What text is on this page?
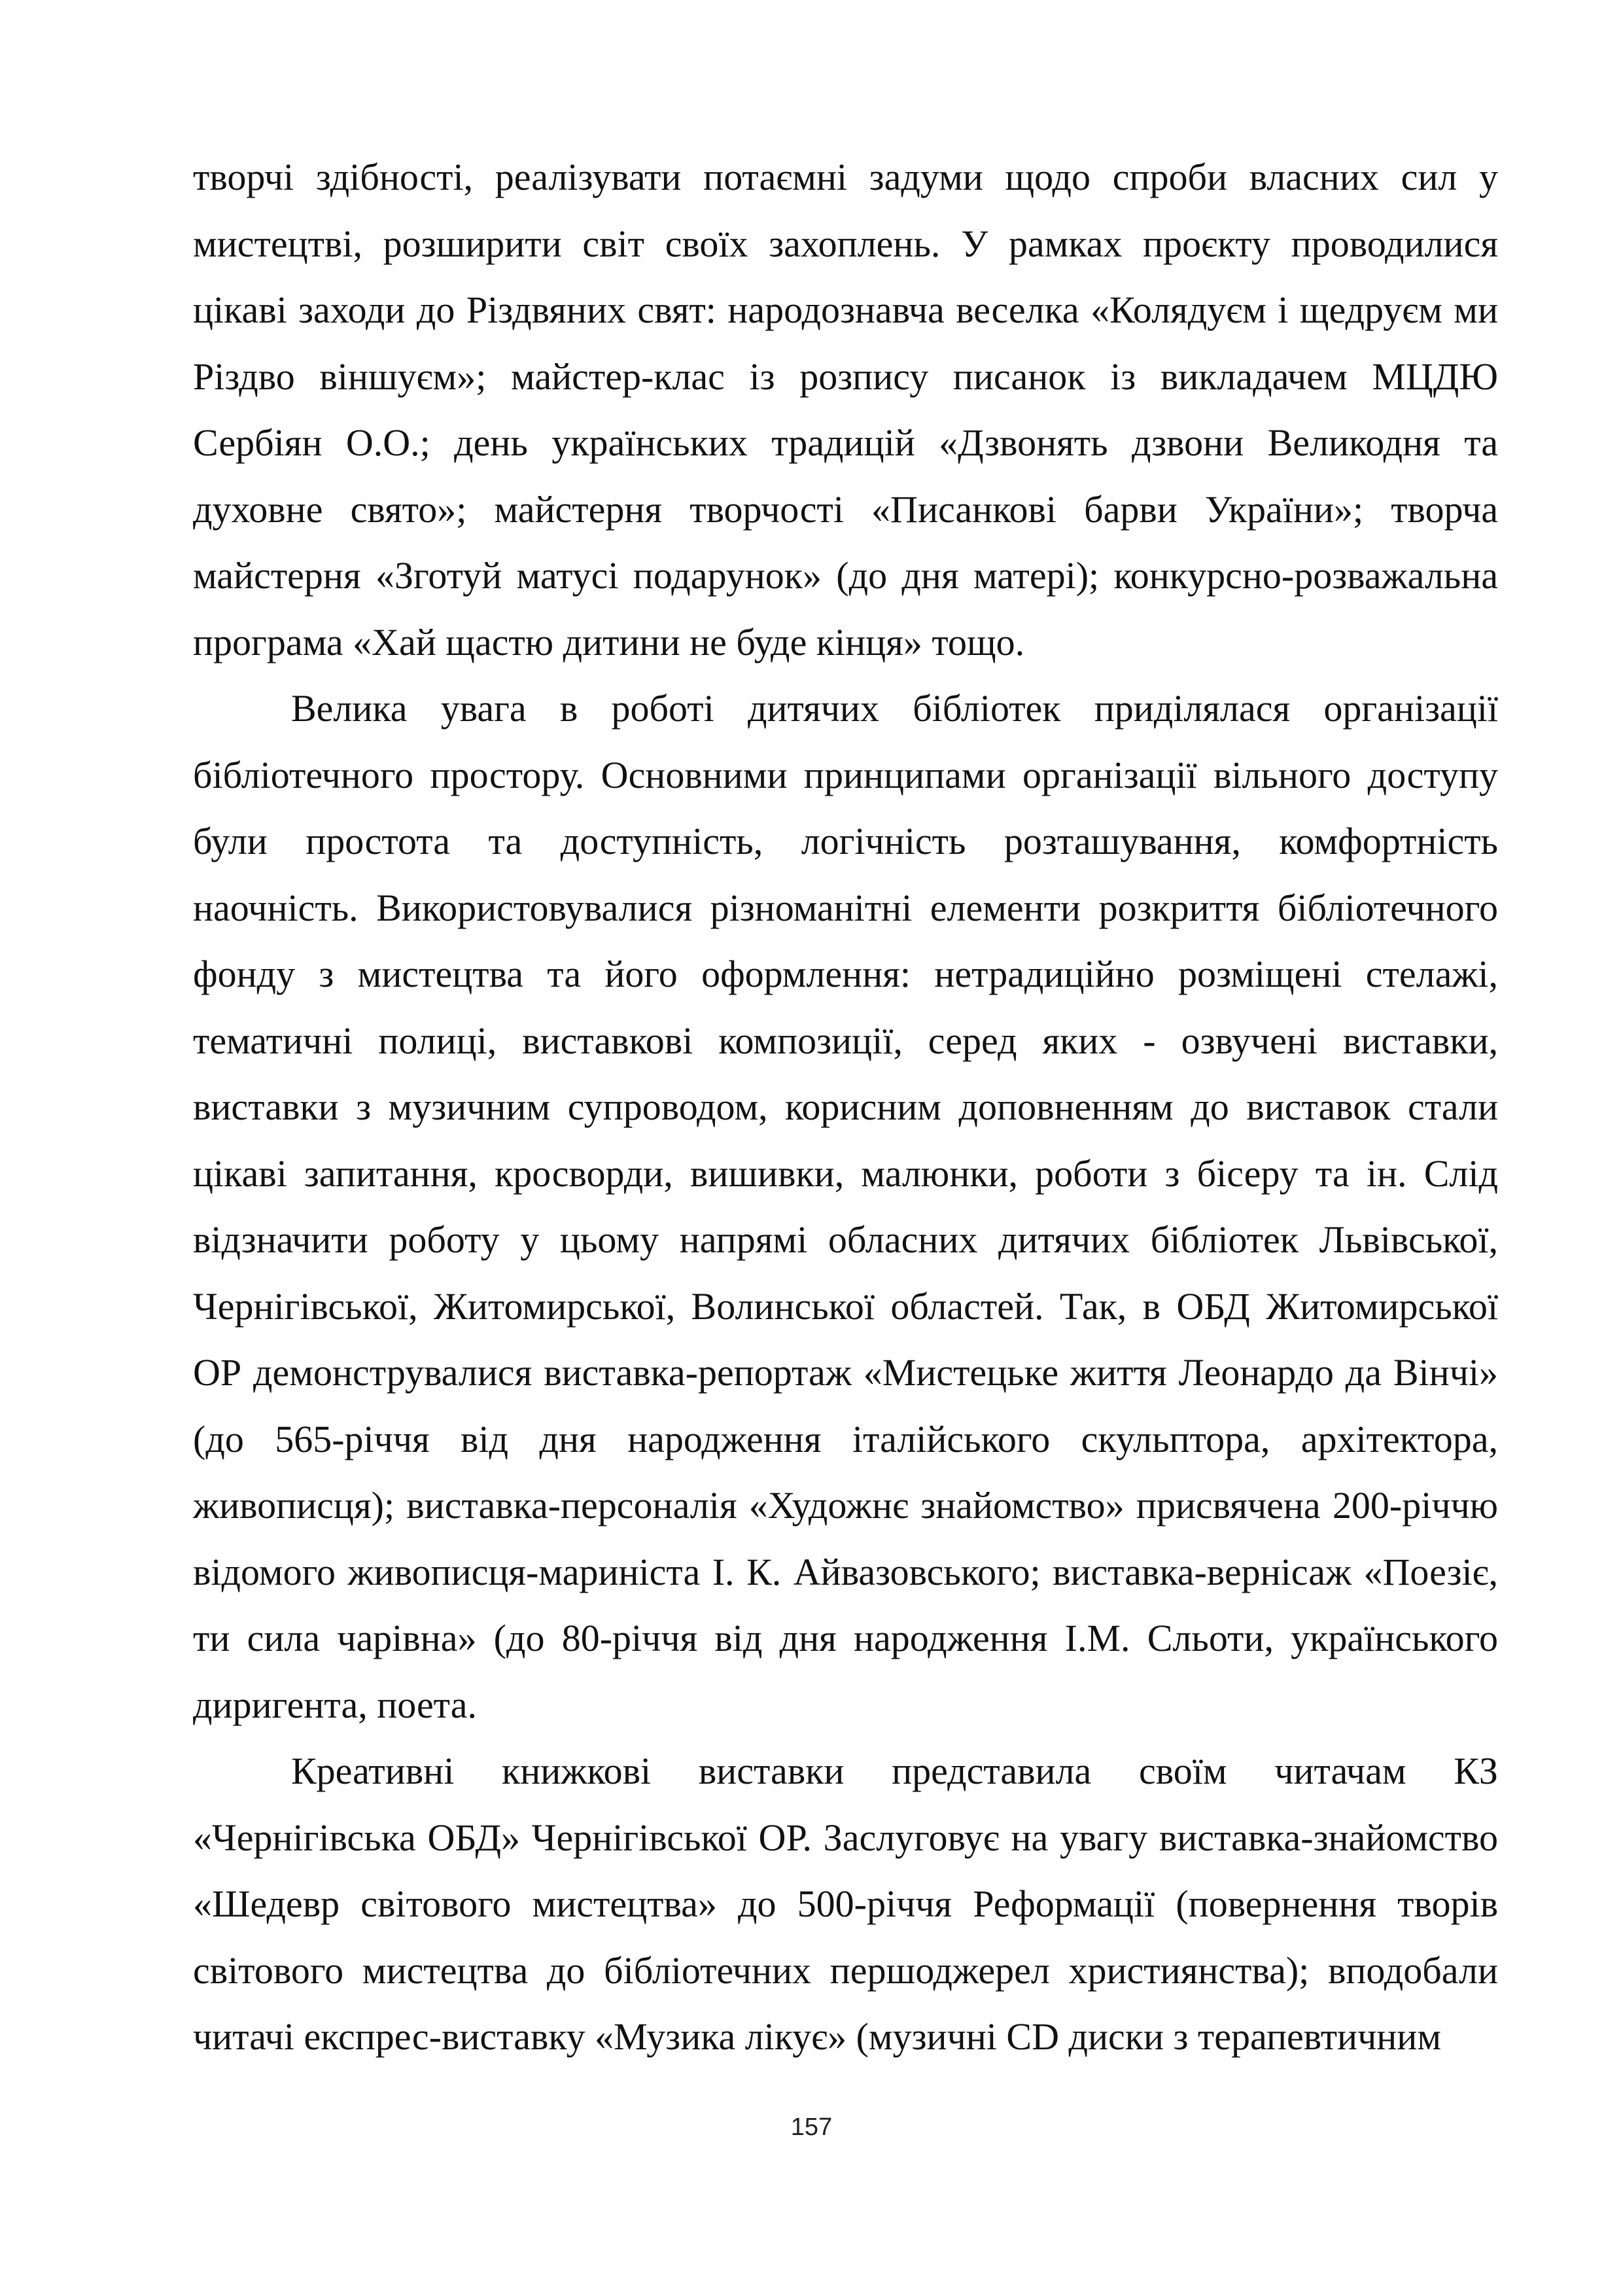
творчі здібності, реалізувати потаємні задуми щодо спроби власних сил у мистецтві, розширити світ своїх захоплень. У рамках проєкту проводилися цікаві заходи до Різдвяних свят: народознавча веселка «Колядуєм і щедруєм ми Різдво віншуєм»; майстер-клас із розпису писанок із викладачем МЦДЮ Сербіян О.О.; день українських традицій «Дзвонять дзвони Великодня та духовне свято»; майстерня творчості «Писанкові барви України»; творча майстерня «Зготуй матусі подарунок» (до дня матері); конкурсно-розважальна програма «Хай щастю дитини не буде кінця» тощо.

Велика увага в роботі дитячих бібліотек приділялася організації бібліотечного простору. Основними принципами організації вільного доступу були простота та доступність, логічність розташування, комфортність наочність. Використовувалися різноманітні елементи розкриття бібліотечного фонду з мистецтва та його оформлення: нетрадиційно розміщені стелажі, тематичні полиці, виставкові композиції, серед яких - озвучені виставки, виставки з музичним супроводом, корисним доповненням до виставок стали цікаві запитання, кросворди, вишивки, малюнки, роботи з бісеру та ін. Слід відзначити роботу у цьому напрямі обласних дитячих бібліотек Львівської, Чернігівської, Житомирської, Волинської областей. Так, в ОБД Житомирської ОР демонструвалися виставка-репортаж «Мистецьке життя Леонардо да Вінчі» (до 565-річчя від дня народження італійського скульптора, архітектора, живописця); виставка-персоналія «Художнє знайомство» присвячена 200-річчю відомого живописця-мариніста І. К. Айвазовського; виставка-вернісаж «Поезіє, ти сила чарівна» (до 80-річчя від дня народження І.М. Сльоти, українського диригента, поета.

Креативні книжкові виставки представила своїм читачам КЗ «Чернігівська ОБД» Чернігівської ОР. Заслуговує на увагу виставка-знайомство «Шедевр світового мистецтва» до 500-річчя Реформації (повернення творів світового мистецтва до бібліотечних першоджерел християнства); вподобали читачі експрес-виставку «Музика лікує» (музичні CD диски з терапевтичним

157
